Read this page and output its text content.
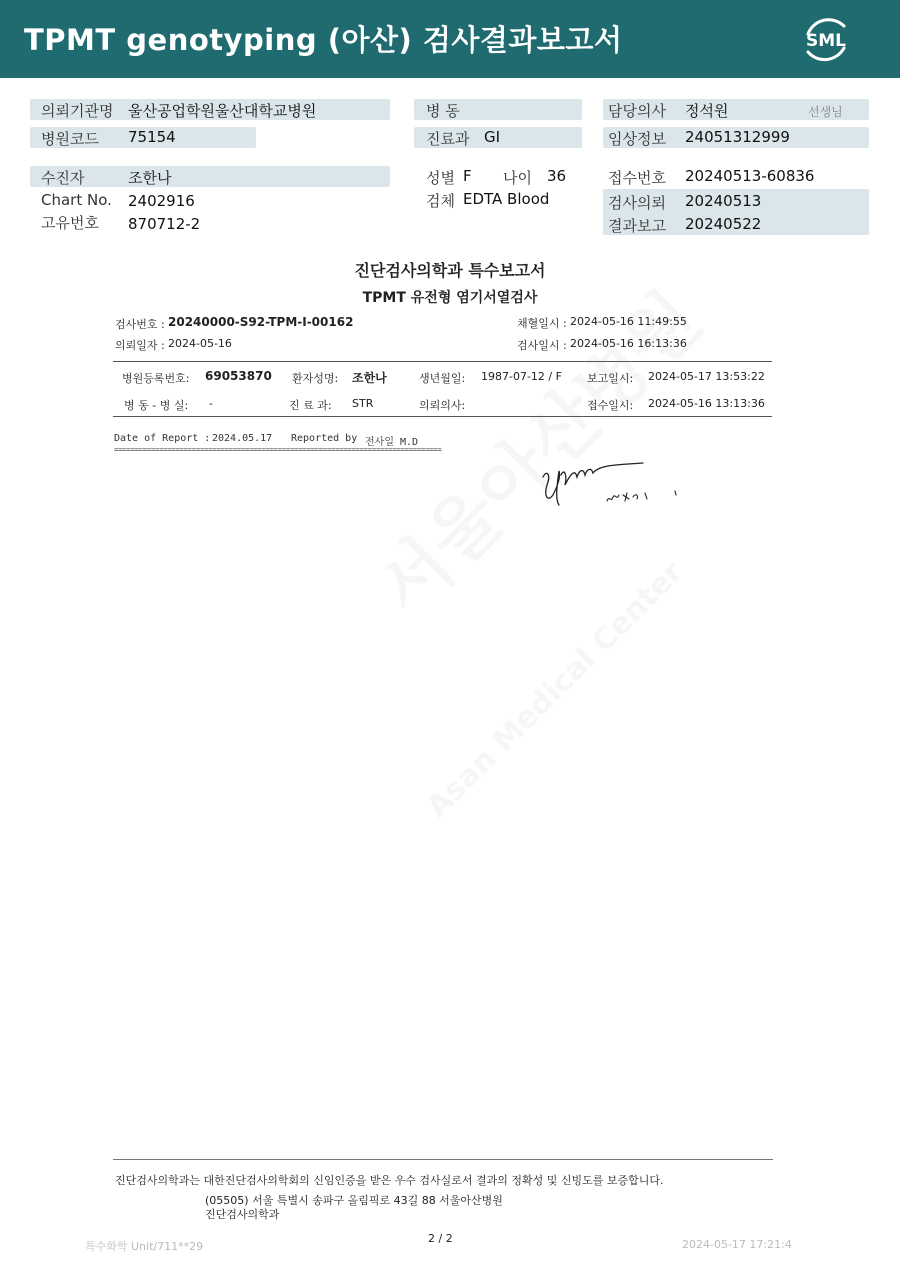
TPMT genotyping (아산) 검사결과보고서	SML
의뢰기관명 울산공업학원울산대학교병원
병원코드 75154
수진자	조한나
Chart No. 2402916
고유번호 870712-2
병 동
진료과 GI
성별 F 나이 36
검체 EDTA Blood
담당의사 정석원	선생님
임상정보 24051312999
접수번호 20240513-60836
검사의뢰 20240513
결과보고 20240522
진단검사의학과 특수보고서
TPMT 유전형 염기서열검사
검사번호 : 20240000-S92-TPM-I-00162
의뢰일자 : 2024-05-16
채혈일시 : 2024-05-16 11:49:55
검사일시 : 2024-05-16 16:13:36
병원등록번호: 69053870 환자성명: 조한나	생년월일: 1987-07-12 / F 보고일시: 2024-05-17 13:53:22
병 동 - 병 실: -	진 료 과: STR	의뢰의사:	접수일시: 2024-05-16 13:13:36
Date of Report : 2024.05.17 Reported by 전사일 M.D
================================================================================
진단검사의학과는 대한진단검사의학회의 신임인증을 받은 우수 검사실로서 결과의 정확성 및 신빙도를 보증합니다.
(05505) 서울 특별시 송파구 올림픽로 43길 88 서울아산병원
진단검사의학과
2 / 2
특수화학 Unit/711**29	2024-05-17 17:21:4
